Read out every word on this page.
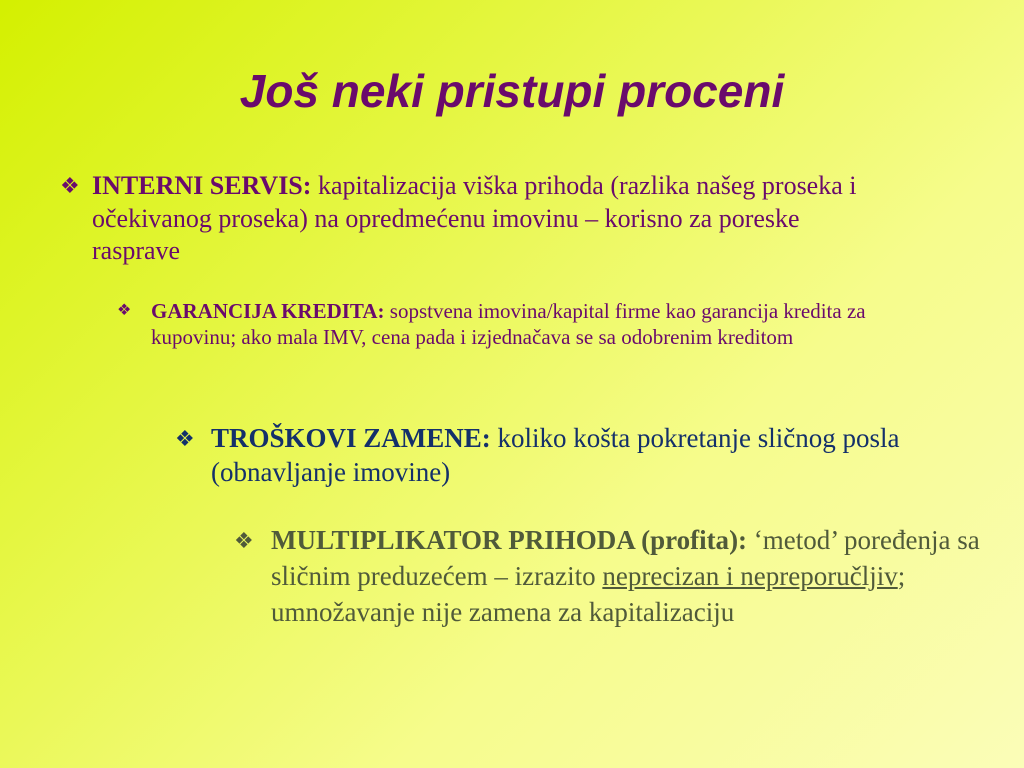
Još neki pristupi proceni
❖ INTERNI SERVIS: kapitalizacija viška prihoda (razlika našeg proseka i očekivanog proseka) na opredmećenu imovinu – korisno za poreske rasprave
❖ GARANCIJA KREDITA: sopstvena imovina/kapital firme kao garancija kredita za kupovinu; ako mala IMV, cena pada i izjednačava se sa odobrenim kreditom
❖ TROŠKOVI ZAMENE: koliko košta pokretanje sličnog posla (obnavljanje imovine)
❖ MULTIPLIKATOR PRIHODA (profita): ‘metod’ poređenja sa sličnim preduzećem – izrazito neprecizan i nepreporučljiv; umnožavanje nije zamena za kapitalizaciju
